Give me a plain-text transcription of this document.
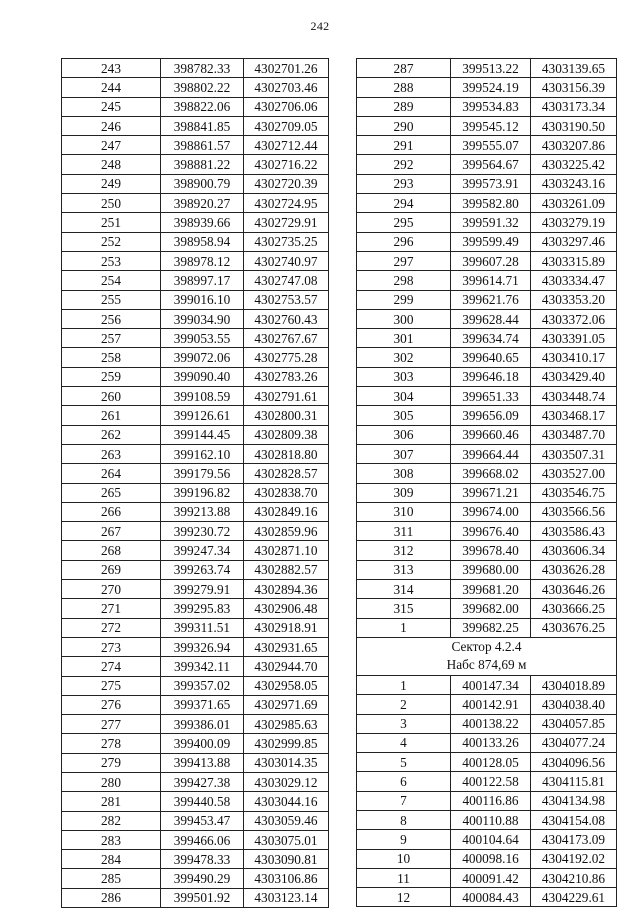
242
243	398782.33	4302701.26
244	398802.22	4302703.46
245	398822.06	4302706.06
246	398841.85	4302709.05
247	398861.57	4302712.44
248	398881.22	4302716.22
249	398900.79	4302720.39
250	398920.27	4302724.95
251	398939.66	4302729.91
252	398958.94	4302735.25
253	398978.12	4302740.97
254	398997.17	4302747.08
255	399016.10	4302753.57
256	399034.90	4302760.43
257	399053.55	4302767.67
258	399072.06	4302775.28
259	399090.40	4302783.26
260	399108.59	4302791.61
261	399126.61	4302800.31
262	399144.45	4302809.38
263	399162.10	4302818.80
264	399179.56	4302828.57
265	399196.82	4302838.70
266	399213.88	4302849.16
267	399230.72	4302859.96
268	399247.34	4302871.10
269	399263.74	4302882.57
270	399279.91	4302894.36
271	399295.83	4302906.48
272	399311.51	4302918.91
273	399326.94	4302931.65
274	399342.11	4302944.70
275	399357.02	4302958.05
276	399371.65	4302971.69
277	399386.01	4302985.63
278	399400.09	4302999.85
279	399413.88	4303014.35
280	399427.38	4303029.12
281	399440.58	4303044.16
282	399453.47	4303059.46
283	399466.06	4303075.01
284	399478.33	4303090.81
285	399490.29	4303106.86
286	399501.92	4303123.14
287	399513.22	4303139.65
288	399524.19	4303156.39
289	399534.83	4303173.34
290	399545.12	4303190.50
291	399555.07	4303207.86
292	399564.67	4303225.42
293	399573.91	4303243.16
294	399582.80	4303261.09
295	399591.32	4303279.19
296	399599.49	4303297.46
297	399607.28	4303315.89
298	399614.71	4303334.47
299	399621.76	4303353.20
300	399628.44	4303372.06
301	399634.74	4303391.05
302	399640.65	4303410.17
303	399646.18	4303429.40
304	399651.33	4303448.74
305	399656.09	4303468.17
306	399660.46	4303487.70
307	399664.44	4303507.31
308	399668.02	4303527.00
309	399671.21	4303546.75
310	399674.00	4303566.56
311	399676.40	4303586.43
312	399678.40	4303606.34
313	399680.00	4303626.28
314	399681.20	4303646.26
315	399682.00	4303666.25
1	399682.25	4303676.25

Сектор 4.2.4
Набс 874,69 м		

1	400147.34	4304018.89
2	400142.91	4304038.40
3	400138.22	4304057.85
4	400133.26	4304077.24
5	400128.05	4304096.56
6	400122.58	4304115.81
7	400116.86	4304134.98
8	400110.88	4304154.08
9	400104.64	4304173.09
10	400098.16	4304192.02
11	400091.42	4304210.86
12	400084.43	4304229.61
